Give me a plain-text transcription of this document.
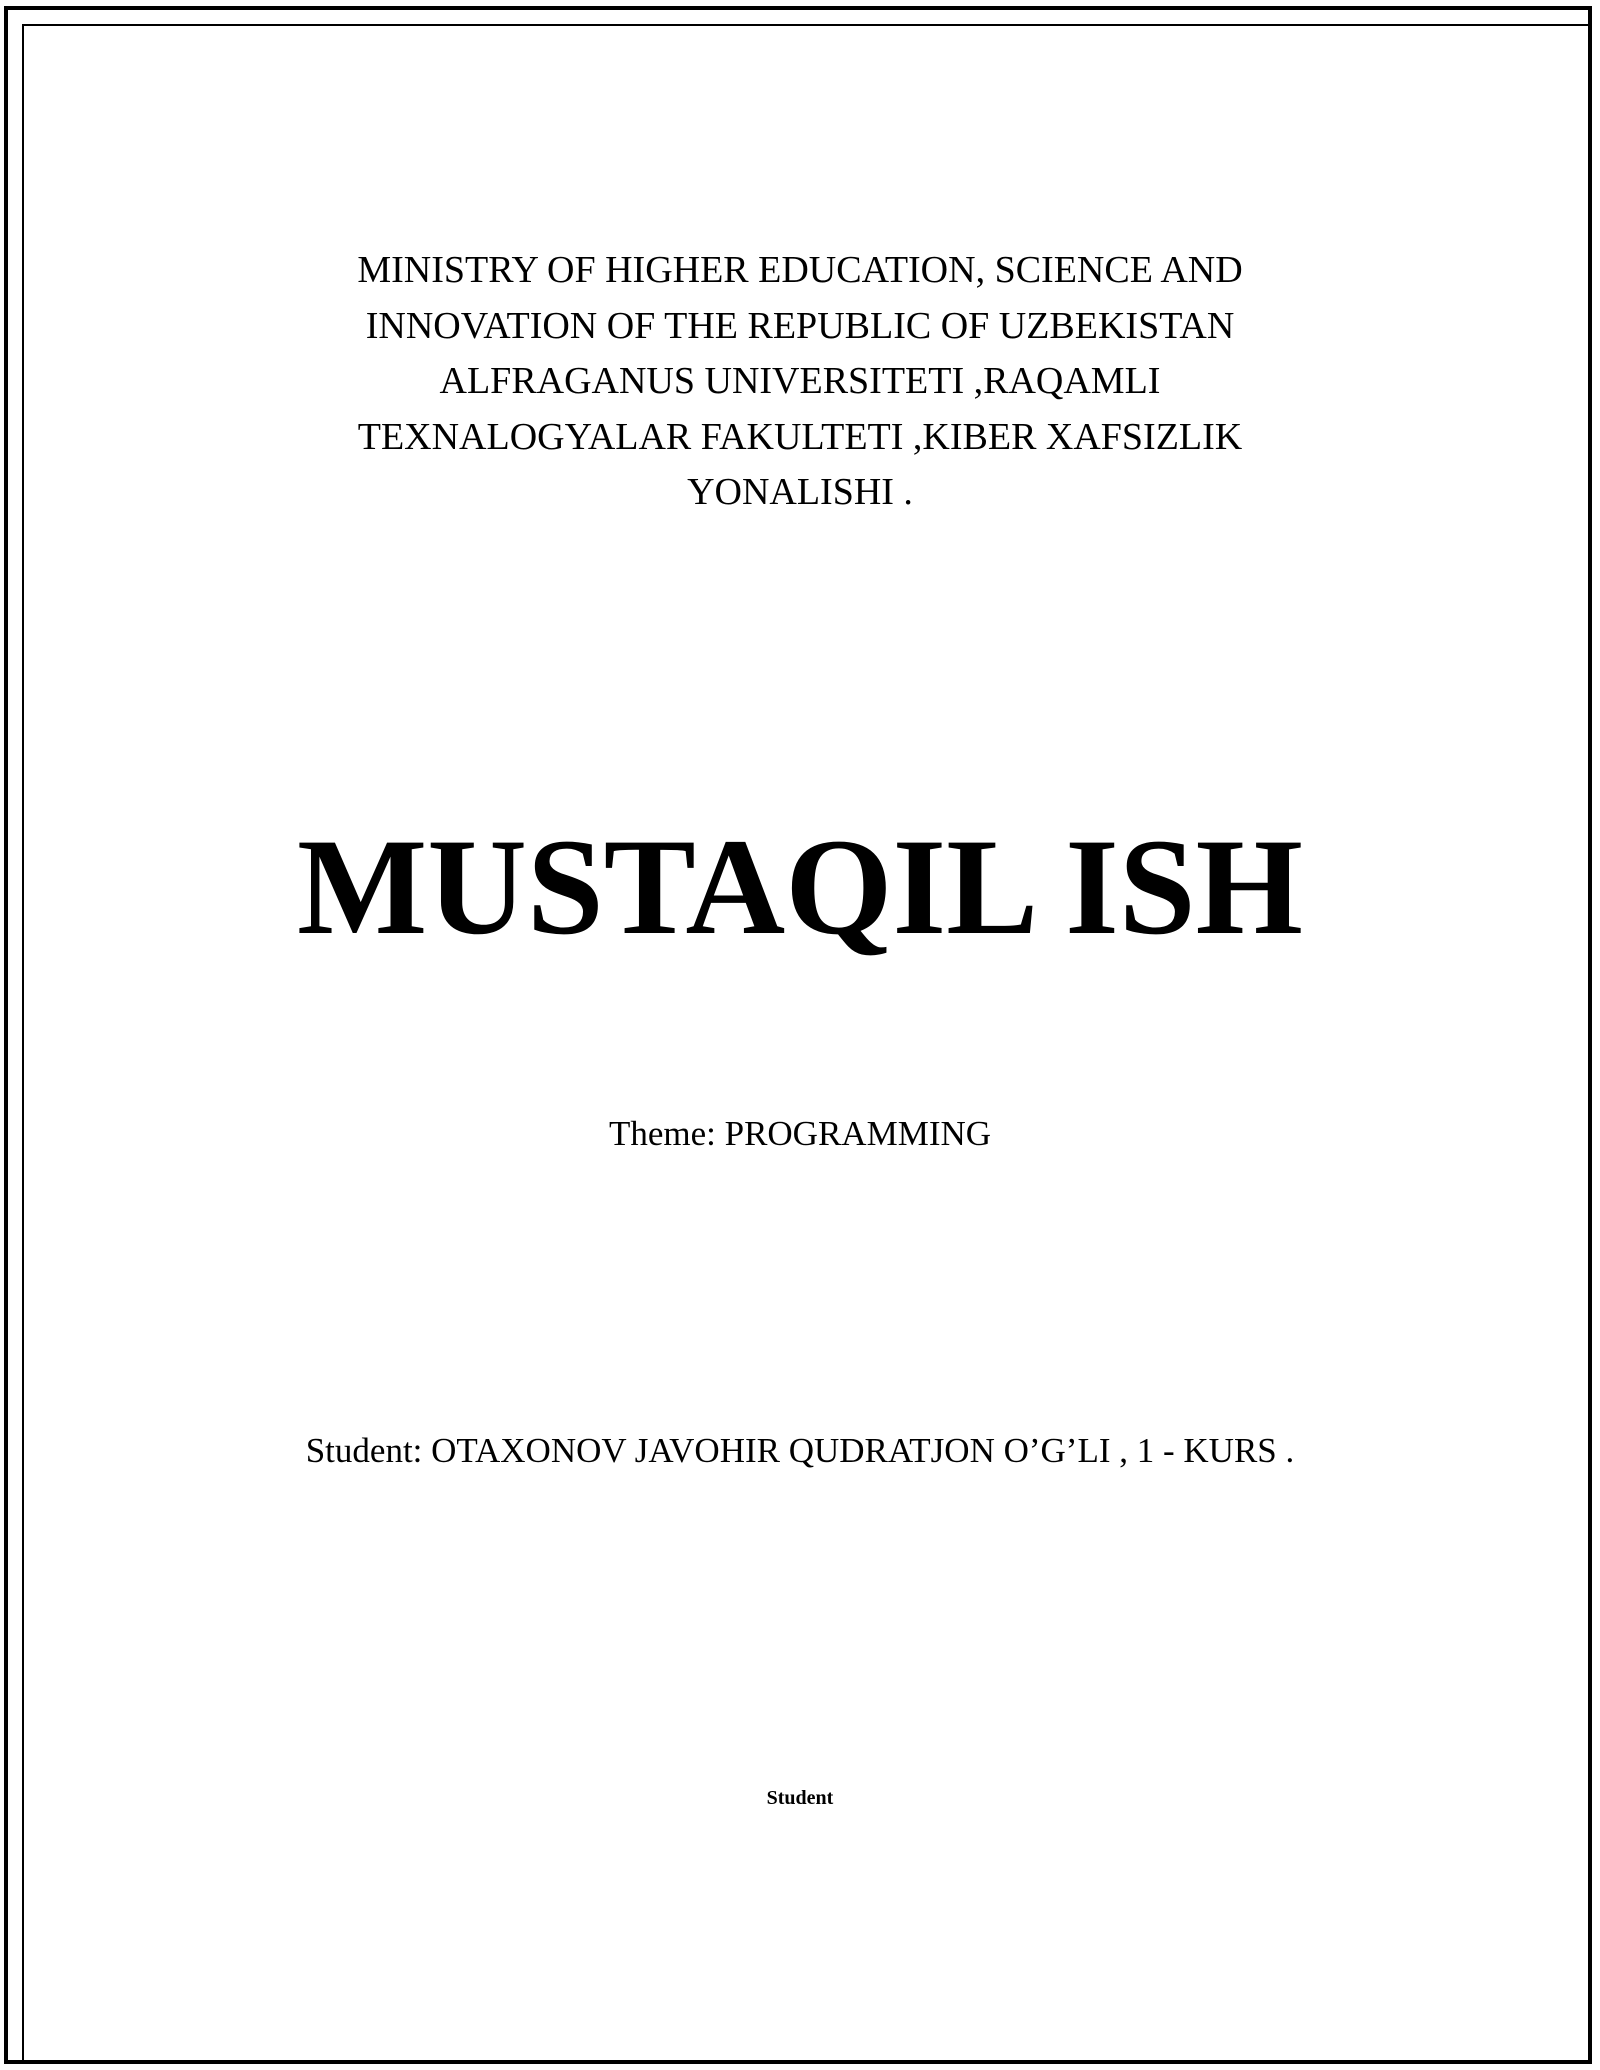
MINISTRY OF HIGHER EDUCATION, SCIENCE AND
INNOVATION OF THE REPUBLIC OF UZBEKISTAN
ALFRAGANUS UNIVERSITETI ,RAQAMLI
TEXNALOGYALAR FAKULTETI ,KIBER XAFSIZLIK
YONALISHI .
MUSTAQIL ISH
Theme: PROGRAMMING
Student: OTAXONOV JAVOHIR QUDRATJON O’G’LI , 1 - KURS .
Student
